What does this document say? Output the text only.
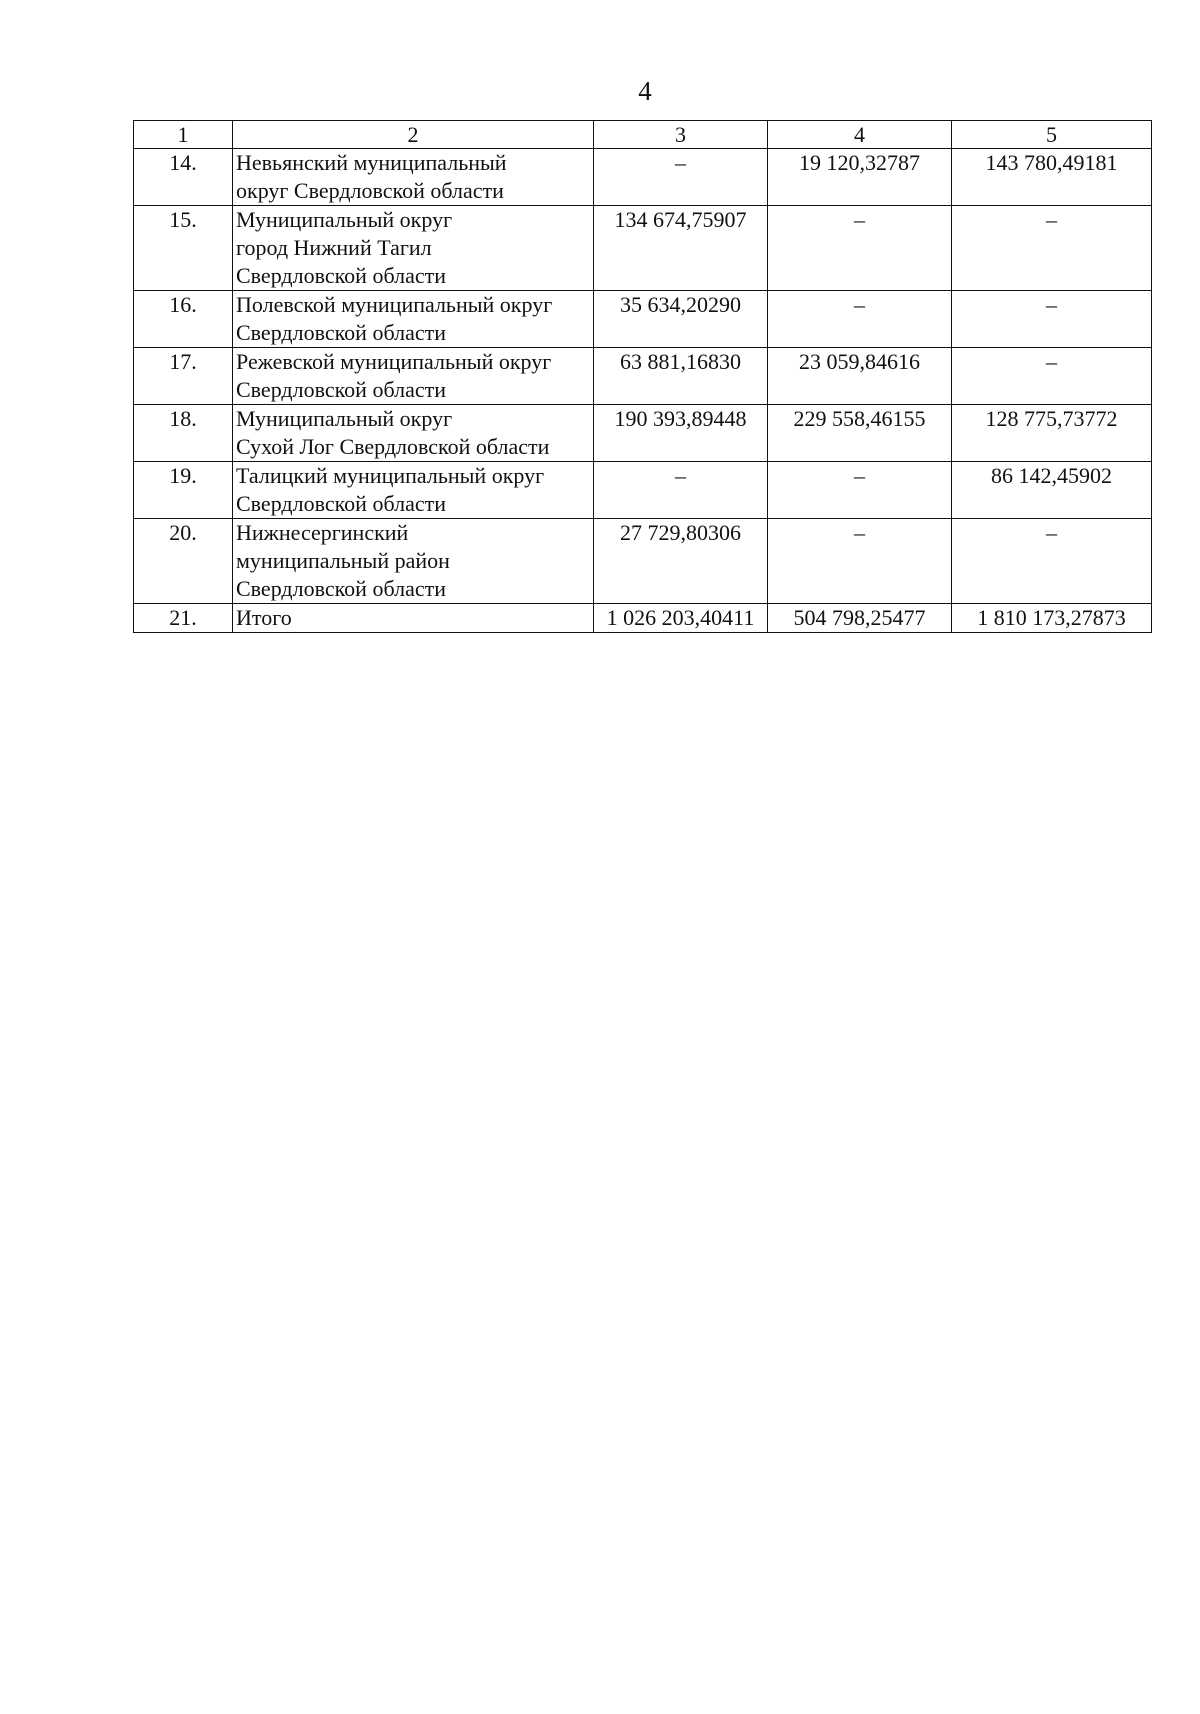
4
1	2	3	4	5
14.	Невьянский муниципальный
округ Свердловской области	–	19 120,32787	143 780,49181
15.	Муниципальный округ
город Нижний Тагил
Свердловской области	134 674,75907	–	–
16.	Полевской муниципальный округ
Свердловской области	35 634,20290	–	–
17.	Режевской муниципальный округ
Свердловской области	63 881,16830	23 059,84616	–
18.	Муниципальный округ
Сухой Лог Свердловской области	190 393,89448	229 558,46155	128 775,73772
19.	Талицкий муниципальный округ
Свердловской области	–	–	86 142,45902
20.	Нижнесергинский
муниципальный район
Свердловской области	27 729,80306	–	–
21.	Итого	1 026 203,40411	504 798,25477	1 810 173,27873
